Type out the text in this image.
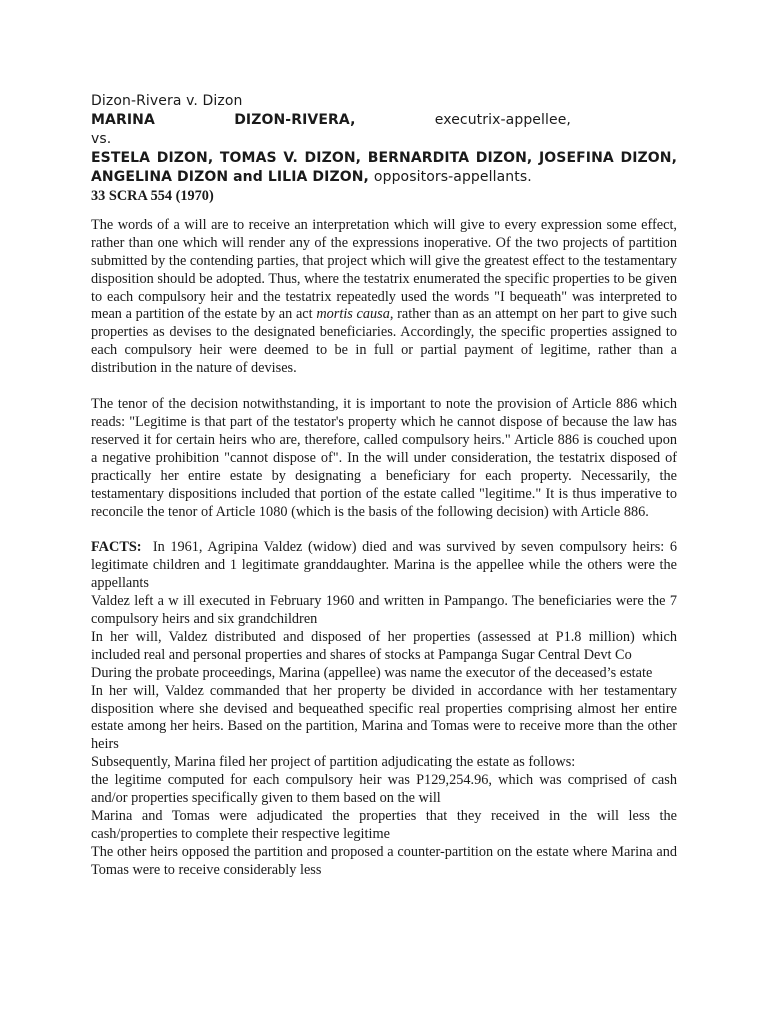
Dizon-Rivera v. Dizon
MARINA	DIZON-RIVERA,	executrix-appellee,
vs.
ESTELA DIZON, TOMAS V. DIZON, BERNARDITA DIZON, JOSEFINA DIZON, ANGELINA DIZON and LILIA DIZON, oppositors-appellants.
33 SCRA 554 (1970)

The words of a will are to receive an interpretation which will give to every expression some effect, rather than one which will render any of the expressions inoperative. Of the two projects of partition submitted by the contending parties, that project which will give the greatest effect to the testamentary disposition should be adopted. Thus, where the testatrix enumerated the specific properties to be given to each compulsory heir and the testatrix repeatedly used the words "I bequeath" was interpreted to mean a partition of the estate by an act mortis causa, rather than as an attempt on her part to give such properties as devises to the designated beneficiaries. Accordingly, the specific properties assigned to each compulsory heir were deemed to be in full or partial payment of legitime, rather than a distribution in the nature of devises.

The tenor of the decision notwithstanding, it is important to note the provision of Article 886 which reads: "Legitime is that part of the testator's property which he cannot dispose of because the law has reserved it for certain heirs who are, therefore, called compulsory heirs." Article 886 is couched upon a negative prohibition "cannot dispose of". In the will under consideration, the testatrix disposed of practically her entire estate by designating a beneficiary for each property. Necessarily, the testamentary dispositions included that portion of the estate called "legitime." It is thus imperative to reconcile the tenor of Article 1080 (which is the basis of the following decision) with Article 886.

FACTS: In 1961, Agripina Valdez (widow) died and was survived by seven compulsory heirs: 6 legitimate children and 1 legitimate granddaughter. Marina is the appellee while the others were the appellants

Valdez left a w ill executed in February 1960 and written in Pampango. The beneficiaries were the 7 compulsory heirs and six grandchildren

In her will, Valdez distributed and disposed of her properties (assessed at P1.8 million) which included real and personal properties and shares of stocks at Pampanga Sugar Central Devt Co

During the probate proceedings, Marina (appellee) was name the executor of the deceased’s estate

In her will, Valdez commanded that her property be divided in accordance with her testamentary disposition where she devised and bequeathed specific real properties comprising almost her entire estate among her heirs. Based on the partition, Marina and Tomas were to receive more than the other heirs

Subsequently, Marina filed her project of partition adjudicating the estate as follows:

the legitime computed for each compulsory heir was P129,254.96, which was comprised of cash and/or properties specifically given to them based on the will

Marina and Tomas were adjudicated the properties that they received in the will less the cash/properties to complete their respective legitime

The other heirs opposed the partition and proposed a counter-partition on the estate where Marina and Tomas were to receive considerably less
